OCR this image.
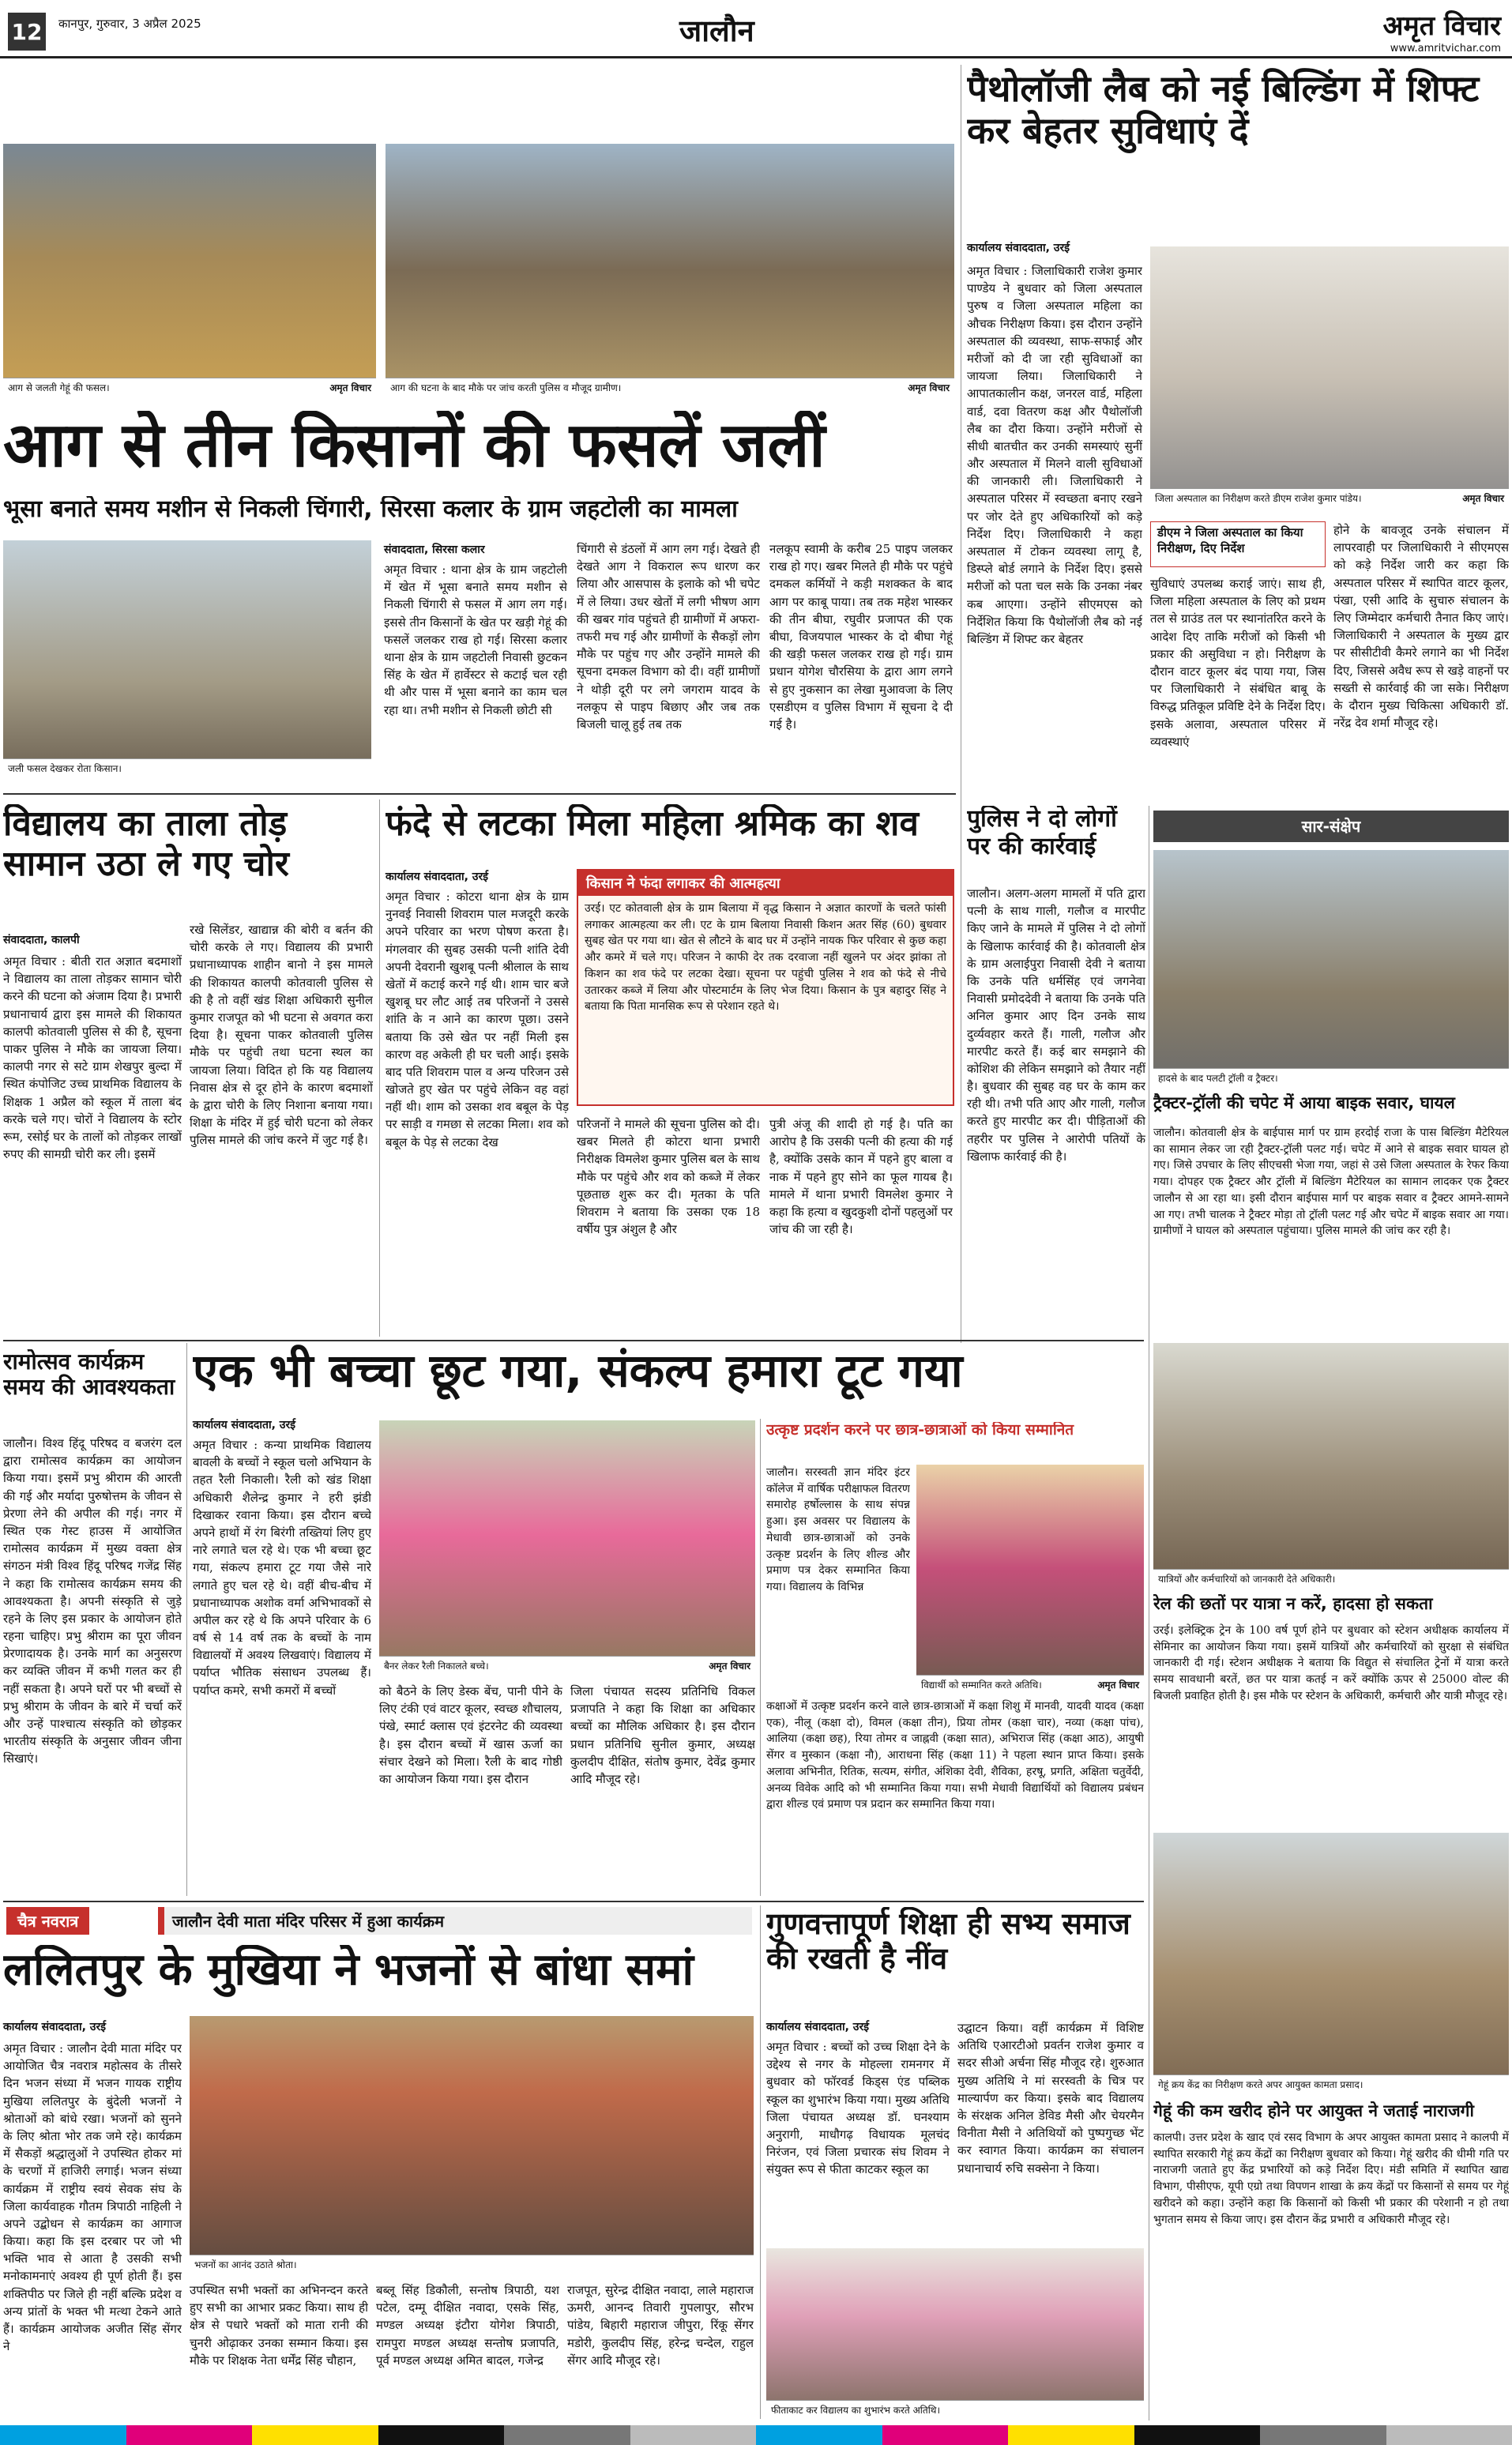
12	कानपुर, गुरुवार, 3 अप्रैल 2025	जालौन	अमृत विचार
www.amritvichar.com
आग से जलती गेहूं की फसल।	अमृत विचार	आग की घटना के बाद मौके पर जांच करती पुलिस व मौजूद ग्रामीण।	अमृत विचार
आग से तीन किसानों की फसलें जलीं
भूसा बनाते समय मशीन से निकली चिंगारी, सिरसा कलार के ग्राम जहटोली का मामला
जली फसल देखकर रोता किसान।
संवाददाता, सिरसा कलार

अमृत विचार : थाना क्षेत्र के ग्राम जहटोली में खेत में भूसा बनाते समय मशीन से निकली चिंगारी से फसल में आग लग गई। इससे तीन किसानों के खेत पर खड़ी गेहूं की फसलें जलकर राख हो गई। सिरसा कलार थाना क्षेत्र के ग्राम जहटोली निवासी छुटकन सिंह के खेत में हार्वेस्टर से कटाई चल रही थी और पास में भूसा बनाने का काम चल रहा था। तभी मशीन से निकली छोटी सी

चिंगारी से डंठलों में आग लग गई। देखते ही देखते आग ने विकराल रूप धारण कर लिया और आसपास के इलाके को भी चपेट में ले लिया। उधर खेतों में लगी भीषण आग की खबर गांव पहुंचते ही ग्रामीणों में अफरा-तफरी मच गई और ग्रामीणों के सैकड़ों लोग मौके पर पहुंच गए और उन्होंने मामले की सूचना दमकल विभाग को दी। वहीं ग्रामीणों ने थोड़ी दूरी पर लगे जगराम यादव के नलकूप से पाइप बिछाए और जब तक बिजली चालू हुई तब तक

नलकूप स्वामी के करीब 25 पाइप जलकर राख हो गए। खबर मिलते ही मौके पर पहुंचे दमकल कर्मियों ने कड़ी मशक्कत के बाद आग पर काबू पाया। तब तक महेश भास्कर की तीन बीघा, रघुवीर प्रजापत की एक बीघा, विजयपाल भास्कर के दो बीघा गेहूं की खड़ी फसल जलकर राख हो गई। ग्राम प्रधान योगेश चौरसिया के द्वारा आग लगने से हुए नुकसान का लेखा मुआवजा के लिए एसडीएम व पुलिस विभाग में सूचना दे दी गई है।

पैथोलॉजी लैब को नई बिल्डिंग में शिफ्ट कर बेहतर सुविधाएं दें
कार्यालय संवाददाता, उरई

अमृत विचार : जिलाधिकारी राजेश कुमार पाण्डेय ने बुधवार को जिला अस्पताल पुरुष व जिला अस्पताल महिला का औचक निरीक्षण किया। इस दौरान उन्होंने अस्पताल की व्यवस्था, साफ-सफाई और मरीजों को दी जा रही सुविधाओं का जायजा लिया। जिलाधिकारी ने आपातकालीन कक्ष, जनरल वार्ड, महिला वार्ड, दवा वितरण कक्ष और पैथोलॉजी लैब का दौरा किया। उन्होंने मरीजों से सीधी बातचीत कर उनकी समस्याएं सुनीं और अस्पताल में मिलने वाली सुविधाओं की जानकारी ली। जिलाधिकारी ने अस्पताल परिसर में स्वच्छता बनाए रखने पर जोर देते हुए अधिकारियों को कड़े निर्देश दिए। जिलाधिकारी ने कहा अस्पताल में टोकन व्यवस्था लागू है, डिस्प्ले बोर्ड लगाने के निर्देश दिए। इससे मरीजों को पता चल सके कि उनका नंबर कब आएगा। उन्होंने सीएमएस को निर्देशित किया कि पैथोलॉजी लैब को नई बिल्डिंग में शिफ्ट कर बेहतर

जिला अस्पताल का निरीक्षण करते डीएम राजेश कुमार पांडेय।	अमृत विचार
डीएम ने जिला अस्पताल का किया निरीक्षण, दिए निर्देश

सुविधाएं उपलब्ध कराई जाएं। साथ ही, जिला महिला अस्पताल के लिए को प्रथम तल से ग्राउंड तल पर स्थानांतरित करने के आदेश दिए ताकि मरीजों को किसी भी प्रकार की असुविधा न हो। निरीक्षण के दौरान वाटर कूलर बंद पाया गया, जिस पर जिलाधिकारी ने संबंधित बाबू के विरुद्ध प्रतिकूल प्रविष्टि देने के निर्देश दिए। इसके अलावा, अस्पताल परिसर में व्यवस्थाएं

होने के बावजूद उनके संचालन में लापरवाही पर जिलाधिकारी ने सीएमएस को कड़े निर्देश जारी कर कहा कि अस्पताल परिसर में स्थापित वाटर कूलर, पंखा, एसी आदि के सुचारु संचालन के लिए जिम्मेदार कर्मचारी तैनात किए जाएं। जिलाधिकारी ने अस्पताल के मुख्य द्वार पर सीसीटीवी कैमरे लगाने का भी निर्देश दिए, जिससे अवैध रूप से खड़े वाहनों पर सख्ती से कार्रवाई की जा सके। निरीक्षण के दौरान मुख्य चिकित्सा अधिकारी डॉ. नरेंद्र देव शर्मा मौजूद रहे।

विद्यालय का ताला तोड़ सामान उठा ले गए चोर
संवाददाता, कालपी

अमृत विचार : बीती रात अज्ञात बदमाशों ने विद्यालय का ताला तोड़कर सामान चोरी करने की घटना को अंजाम दिया है। प्रभारी प्रधानाचार्य द्वारा इस मामले की शिकायत कालपी कोतवाली पुलिस से की है, सूचना पाकर पुलिस ने मौके का जायजा लिया। कालपी नगर से सटे ग्राम शेखपुर बुल्दा में स्थित कंपोजिट उच्च प्राथमिक विद्यालय के शिक्षक 1 अप्रैल को स्कूल में ताला बंद करके चले गए। चोरों ने विद्यालय के स्टोर रूम, रसोई घर के तालों को तोड़कर लाखों रुपए की सामग्री चोरी कर ली। इसमें

रखे सिलेंडर, खाद्यान्न की बोरी व बर्तन की चोरी करके ले गए। विद्यालय की प्रभारी प्रधानाध्यापक शाहीन बानो ने इस मामले की शिकायत कालपी कोतवाली पुलिस से की है तो वहीं खंड शिक्षा अधिकारी सुनील कुमार राजपूत को भी घटना से अवगत करा दिया है। सूचना पाकर कोतवाली पुलिस मौके पर पहुंची तथा घटना स्थल का जायजा लिया। विदित हो कि यह विद्यालय निवास क्षेत्र से दूर होने के कारण बदमाशों के द्वारा चोरी के लिए निशाना बनाया गया। शिक्षा के मंदिर में हुई चोरी घटना को लेकर पुलिस मामले की जांच करने में जुट गई है।

फंदे से लटका मिला महिला श्रमिक का शव
कार्यालय संवाददाता, उरई

अमृत विचार : कोटरा थाना क्षेत्र के ग्राम नुनवई निवासी शिवराम पाल मजदूरी करके अपने परिवार का भरण पोषण करता है। मंगलवार की सुबह उसकी पत्नी शांति देवी अपनी देवरानी खुशबू पत्नी श्रीलाल के साथ खेतों में कटाई करने गई थी। शाम चार बजे खुशबू घर लौट आई तब परिजनों ने उससे शांति के न आने का कारण पूछा। उसने बताया कि उसे खेत पर नहीं मिली इस कारण वह अकेली ही घर चली आई। इसके बाद पति शिवराम पाल व अन्य परिजन उसे खोजते हुए खेत पर पहुंचे लेकिन वह वहां नहीं थी। शाम को उसका शव बबूल के पेड़ पर साड़ी व गमछा से लटका मिला। शव को बबूल के पेड़ से लटका देख

किसान ने फंदा लगाकर की आत्महत्या

उरई। एट कोतवाली क्षेत्र के ग्राम बिलाया में वृद्ध किसान ने अज्ञात कारणों के चलते फांसी लगाकर आत्महत्या कर ली। एट के ग्राम बिलाया निवासी किशन अतर सिंह (60) बुधवार सुबह खेत पर गया था। खेत से लौटने के बाद घर में उन्होंने नायक फिर परिवार से कुछ कहा और कमरे में चले गए। परिजन ने काफी देर तक दरवाजा नहीं खुलने पर अंदर झांका तो किशन का शव फंदे पर लटका देखा। सूचना पर पहुंची पुलिस ने शव को फंदे से नीचे उतारकर कब्जे में लिया और पोस्टमार्टम के लिए भेज दिया। किसान के पुत्र बहादुर सिंह ने बताया कि पिता मानसिक रूप से परेशान रहते थे।

परिजनों ने मामले की सूचना पुलिस को दी। खबर मिलते ही कोटरा थाना प्रभारी निरीक्षक विमलेश कुमार पुलिस बल के साथ मौके पर पहुंचे और शव को कब्जे में लेकर पूछताछ शुरू कर दी। मृतका के पति शिवराम ने बताया कि उसका एक 18 वर्षीय पुत्र अंशुल है और

पुत्री अंजू की शादी हो गई है। पति का आरोप है कि उसकी पत्नी की हत्या की गई है, क्योंकि उसके कान में पहने हुए बाला व नाक में पहने हुए सोने का फूल गायब है। मामले में थाना प्रभारी विमलेश कुमार ने कहा कि हत्या व खुदकुशी दोनों पहलुओं पर जांच की जा रही है।

पुलिस ने दो लोगों पर की कार्रवाई

जालौन। अलग-अलग मामलों में पति द्वारा पत्नी के साथ गाली, गलौज व मारपीट किए जाने के मामले में पुलिस ने दो लोगों के खिलाफ कार्रवाई की है। कोतवाली क्षेत्र के ग्राम अलाईपुरा निवासी देवी ने बताया कि उनके पति धर्मसिंह एवं जगनेवा निवासी प्रमोददेवी ने बताया कि उनके पति अनिल कुमार आए दिन उनके साथ दुर्व्यवहार करते हैं। गाली, गलौज और मारपीट करते हैं। कई बार समझाने की कोशिश की लेकिन समझाने को तैयार नहीं है। बुधवार की सुबह वह घर के काम कर रही थी। तभी पति आए और गाली, गलौज करते हुए मारपीट कर दी। पीड़िताओं की तहरीर पर पुलिस ने आरोपी पतियों के खिलाफ कार्रवाई की है।

सार-संक्षेप
हादसे के बाद पलटी ट्रॉली व ट्रैक्टर।
ट्रैक्टर-ट्रॉली की चपेट में आया बाइक सवार, घायल

जालौन। कोतवाली क्षेत्र के बाईपास मार्ग पर ग्राम हरदोई राजा के पास बिल्डिंग मैटेरियल का सामान लेकर जा रही ट्रैक्टर-ट्रॉली पलट गई। चपेट में आने से बाइक सवार घायल हो गए। जिसे उपचार के लिए सीएचसी भेजा गया, जहां से उसे जिला अस्पताल के रेफर किया गया। दोपहर एक ट्रैक्टर और ट्रॉली में बिल्डिंग मैटेरियल का सामान लादकर एक ट्रैक्टर जालौन से आ रहा था। इसी दौरान बाईपास मार्ग पर बाइक सवार व ट्रैक्टर आमने-सामने आ गए। तभी चालक ने ट्रैक्टर मोड़ा तो ट्रॉली पलट गई और चपेट में बाइक सवार आ गया। ग्रामीणों ने घायल को अस्पताल पहुंचाया। पुलिस मामले की जांच कर रही है।

यात्रियों और कर्मचारियों को जानकारी देते अधिकारी।
रेल की छतों पर यात्रा न करें, हादसा हो सकता

उरई। इलेक्ट्रिक ट्रेन के 100 वर्ष पूर्ण होने पर बुधवार को स्टेशन अधीक्षक कार्यालय में सेमिनार का आयोजन किया गया। इसमें यात्रियों और कर्मचारियों को सुरक्षा से संबंधित जानकारी दी गई। स्टेशन अधीक्षक ने बताया कि विद्युत से संचालित ट्रेनों में यात्रा करते समय सावधानी बरतें, छत पर यात्रा कतई न करें क्योंकि ऊपर से 25000 वोल्ट की बिजली प्रवाहित होती है। इस मौके पर स्टेशन के अधिकारी, कर्मचारी और यात्री मौजूद रहे।

गेहूं क्रय केंद्र का निरीक्षण करते अपर आयुक्त कामता प्रसाद।
गेहूं की कम खरीद होने पर आयुक्त ने जताई नाराजगी

कालपी। उत्तर प्रदेश के खाद एवं रसद विभाग के अपर आयुक्त कामता प्रसाद ने कालपी में स्थापित सरकारी गेहूं क्रय केंद्रों का निरीक्षण बुधवार को किया। गेहूं खरीद की धीमी गति पर नाराजगी जताते हुए केंद्र प्रभारियों को कड़े निर्देश दिए। मंडी समिति में स्थापित खाद्य विभाग, पीसीएफ, यूपी एग्रो तथा विपणन शाखा के क्रय केंद्रों पर किसानों से समय पर गेहूं खरीदने को कहा। उन्होंने कहा कि किसानों को किसी भी प्रकार की परेशानी न हो तथा भुगतान समय से किया जाए। इस दौरान केंद्र प्रभारी व अधिकारी मौजूद रहे।

रामोत्सव कार्यक्रम समय की आवश्यकता

जालौन। विश्व हिंदू परिषद व बजरंग दल द्वारा रामोत्सव कार्यक्रम का आयोजन किया गया। इसमें प्रभु श्रीराम की आरती की गई और मर्यादा पुरुषोत्तम के जीवन से प्रेरणा लेने की अपील की गई। नगर में स्थित एक गेस्ट हाउस में आयोजित रामोत्सव कार्यक्रम में मुख्य वक्ता क्षेत्र संगठन मंत्री विश्व हिंदू परिषद गजेंद्र सिंह ने कहा कि रामोत्सव कार्यक्रम समय की आवश्यकता है। अपनी संस्कृति से जुड़े रहने के लिए इस प्रकार के आयोजन होते रहना चाहिए। प्रभु श्रीराम का पूरा जीवन प्रेरणादायक है। उनके मार्ग का अनुसरण कर व्यक्ति जीवन में कभी गलत कर ही नहीं सकता है। अपने घरों पर भी बच्चों से प्रभु श्रीराम के जीवन के बारे में चर्चा करें और उन्हें पाश्चात्य संस्कृति को छोड़कर भारतीय संस्कृति के अनुसार जीवन जीना सिखाएं।

एक भी बच्चा छूट गया, संकल्प हमारा टूट गया
कार्यालय संवाददाता, उरई

अमृत विचार : कन्या प्राथमिक विद्यालय बावली के बच्चों ने स्कूल चलो अभियान के तहत रैली निकाली। रैली को खंड शिक्षा अधिकारी शैलेन्द्र कुमार ने हरी झंडी दिखाकर रवाना किया। इस दौरान बच्चे अपने हाथों में रंग बिरंगी तख्तियां लिए हुए नारे लगाते चल रहे थे। एक भी बच्चा छूट गया, संकल्प हमारा टूट गया जैसे नारे लगाते हुए चल रहे थे। वहीं बीच-बीच में प्रधानाध्यापक अशोक वर्मा अभिभावकों से अपील कर रहे थे कि अपने परिवार के 6 वर्ष से 14 वर्ष तक के बच्चों के नाम विद्यालयों में अवश्य लिखवाएं। विद्यालय में पर्याप्त भौतिक संसाधन उपलब्ध हैं। पर्याप्त कमरे, सभी कमरों में बच्चों

बैनर लेकर रैली निकालते बच्चे।	अमृत विचार

को बैठने के लिए डेस्क बेंच, पानी पीने के लिए टंकी एवं वाटर कूलर, स्वच्छ शौचालय, पंखे, स्मार्ट क्लास एवं इंटरनेट की व्यवस्था है। इस दौरान बच्चों में खास ऊर्जा का संचार देखने को मिला। रैली के बाद गोष्ठी का आयोजन किया गया। इस दौरान

जिला पंचायत सदस्य प्रतिनिधि विकल प्रजापति ने कहा कि शिक्षा का अधिकार बच्चों का मौलिक अधिकार है। इस दौरान प्रधान प्रतिनिधि सुनील कुमार, अध्यक्ष कुलदीप दीक्षित, संतोष कुमार, देवेंद्र कुमार आदि मौजूद रहे।

उत्कृष्ट प्रदर्शन करने पर छात्र-छात्राओं को किया सम्मानित

जालौन। सरस्वती ज्ञान मंदिर इंटर कॉलेज में वार्षिक परीक्षाफल वितरण समारोह हर्षोल्लास के साथ संपन्न हुआ। इस अवसर पर विद्यालय के मेधावी छात्र-छात्राओं को उनके उत्कृष्ट प्रदर्शन के लिए शील्ड और प्रमाण पत्र देकर सम्मानित किया गया। विद्यालय के विभिन्न

विद्यार्थी को सम्मानित करते अतिथि।	अमृत विचार

कक्षाओं में उत्कृष्ट प्रदर्शन करने वाले छात्र-छात्राओं में कक्षा शिशु में मानवी, यादवी यादव (कक्षा एक), नीलू (कक्षा दो), विमल (कक्षा तीन), प्रिया तोमर (कक्षा चार), नव्या (कक्षा पांच), आलिया (कक्षा छह), रिया तोमर व जाह्नवी (कक्षा सात), अभिराज सिंह (कक्षा आठ), आयुषी सेंगर व मुस्कान (कक्षा नौ), आराधना सिंह (कक्षा 11) ने पहला स्थान प्राप्त किया। इसके अलावा अभिनीत, रितिक, सत्यम, संगीत, अंशिका देवी, शैविका, हरषू, प्रगति, अक्षिता चतुर्वेदी, अनव्य विवेक आदि को भी सम्मानित किया गया। सभी मेधावी विद्यार्थियों को विद्यालय प्रबंधन द्वारा शील्ड एवं प्रमाण पत्र प्रदान कर सम्मानित किया गया।

चैत्र नवरात्र	जालौन देवी माता मंदिर परिसर में हुआ कार्यक्रम
ललितपुर के मुखिया ने भजनों से बांधा समां
कार्यालय संवाददाता, उरई

अमृत विचार : जालौन देवी माता मंदिर पर आयोजित चैत्र नवरात्र महोत्सव के तीसरे दिन भजन संध्या में भजन गायक राष्ट्रीय मुखिया ललितपुर के बुंदेली भजनों ने श्रोताओं को बांधे रखा। भजनों को सुनने के लिए श्रोता भोर तक जमे रहे। कार्यक्रम में सैकड़ों श्रद्धालुओं ने उपस्थित होकर मां के चरणों में हाजिरी लगाई। भजन संध्या कार्यक्रम में राष्ट्रीय स्वयं सेवक संघ के जिला कार्यवाहक गौतम त्रिपाठी नाहिली ने अपने उद्बोधन से कार्यक्रम का आगाज किया। कहा कि इस दरबार पर जो भी भक्ति भाव से आता है उसकी सभी मनोकामनाएं अवश्य ही पूर्ण होती हैं। इस शक्तिपीठ पर जिले ही नहीं बल्कि प्रदेश व अन्य प्रांतों के भक्त भी मत्था टेकने आते हैं। कार्यक्रम आयोजक अजीत सिंह सेंगर ने

भजनों का आनंद उठाते श्रोता।

उपस्थित सभी भक्तों का अभिनन्दन करते हुए सभी का आभार प्रकट किया। साथ ही क्षेत्र से पधारे भक्तों को माता रानी की चुनरी ओढ़ाकर उनका सम्मान किया। इस मौके पर शिक्षक नेता धर्मेंद्र सिंह चौहान,

बब्लू सिंह डिकौली, सन्तोष त्रिपाठी, यश पटेल, दम्मू दीक्षित नवादा, एसके सिंह, मण्डल अध्यक्ष इंटौरा योगेश त्रिपाठी, रामपुरा मण्डल अध्यक्ष सन्तोष प्रजापति, पूर्व मण्डल अध्यक्ष अमित बादल, गजेन्द्र

राजपूत, सुरेन्द्र दीक्षित नवादा, लाले महाराज ऊमरी, आनन्द तिवारी गुपलापुर, सौरभ पांडेय, बिहारी महाराज जीपुरा, रिंकू सेंगर मडोरी, कुलदीप सिंह, हरेन्द्र चन्देल, राहुल सेंगर आदि मौजूद रहे।

गुणवत्तापूर्ण शिक्षा ही सभ्य समाज की रखती है नींव
कार्यालय संवाददाता, उरई

अमृत विचार : बच्चों को उच्च शिक्षा देने के उद्देश्य से नगर के मोहल्ला रामनगर में बुधवार को फॉरवर्ड किड्स एंड पब्लिक स्कूल का शुभारंभ किया गया। मुख्य अतिथि जिला पंचायत अध्यक्ष डॉ. घनश्याम अनुरागी, माधौगढ़ विधायक मूलचंद निरंजन, एवं जिला प्रचारक संघ शिवम ने संयुक्त रूप से फीता काटकर स्कूल का

उद्घाटन किया। वहीं कार्यक्रम में विशिष्ट अतिथि एआरटीओ प्रवर्तन राजेश कुमार व सदर सीओ अर्चना सिंह मौजूद रहे। शुरुआत मुख्य अतिथि ने मां सरस्वती के चित्र पर माल्यार्पण कर किया। इसके बाद विद्यालय के संरक्षक अनिल डेविड मैसी और चेयरमैन विनीता मैसी ने अतिथियों को पुष्पगुच्छ भेंट कर स्वागत किया। कार्यक्रम का संचालन प्रधानाचार्य रुचि सक्सेना ने किया।

फीताकाट कर विद्यालय का शुभारंभ करते अतिथि।
